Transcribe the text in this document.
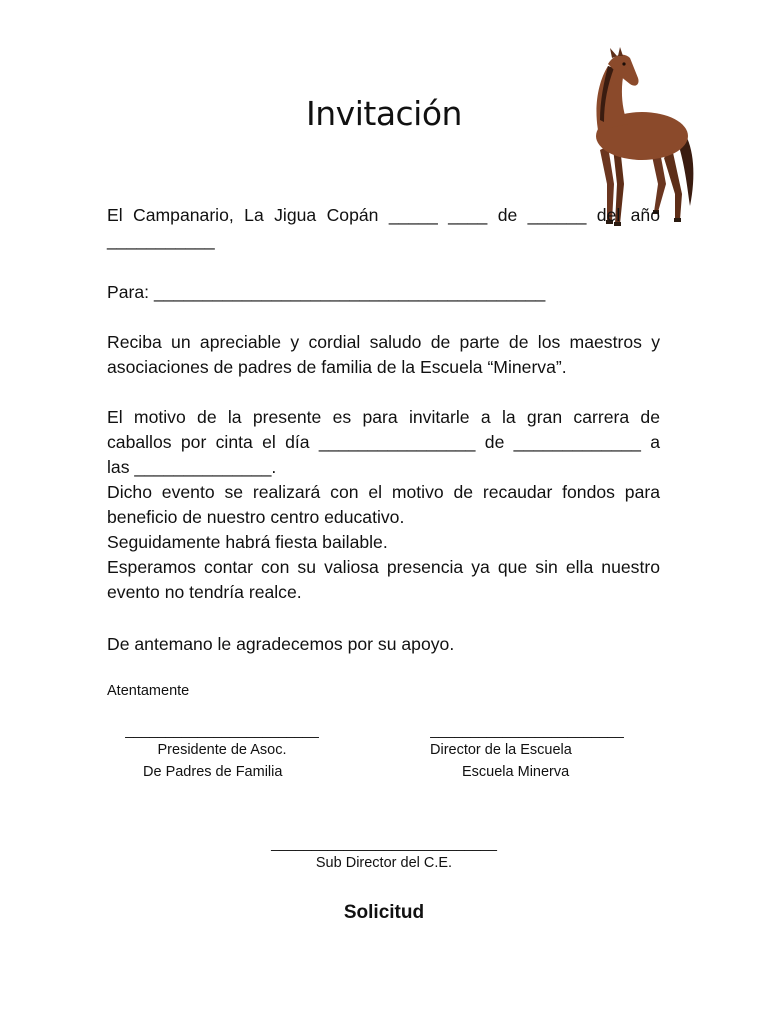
Invitación
El Campanario, La Jigua Copán _____ ____ de ______ del año
___________
Para: ________________________________________
Reciba un apreciable y cordial saludo de parte de los maestros y
asociaciones de padres de familia de la Escuela “Minerva”.
El motivo de la presente es para invitarle a la gran carrera de
caballos por cinta el día ________________ de _____________ a
las ______________.
Dicho evento se realizará con el motivo de recaudar fondos para
beneficio de nuestro centro educativo.
Seguidamente habrá fiesta bailable.
Esperamos contar con su valiosa presencia ya que sin ella nuestro
evento no tendría realce.
De antemano le agradecemos por su apoyo.
Atentamente
________________________
Presidente de Asoc.
De Padres de Familia
________________________
Director de la Escuela
Escuela Minerva
____________________________
Sub Director del C.E.
Solicitud
